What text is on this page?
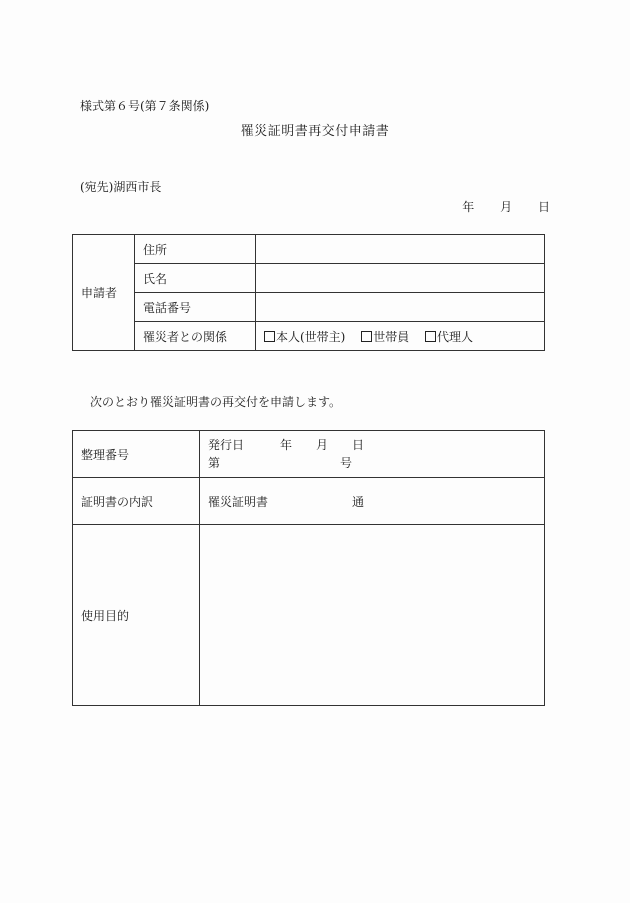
様式第６号(第７条関係)
罹災証明書再交付申請書
(宛先)湖西市長
年 月 日
申請者	住所	
	氏名	
	電話番号	
	罹災者との関係	本人(世帯主) 世帯員 代理人
次のとおり罹災証明書の再交付を申請します。
整理番号	発行日　　　年　　月　　日
第　　　　　　　　　　号

証明書の内訳	罹災証明書　　　　　　　通
使用目的	
